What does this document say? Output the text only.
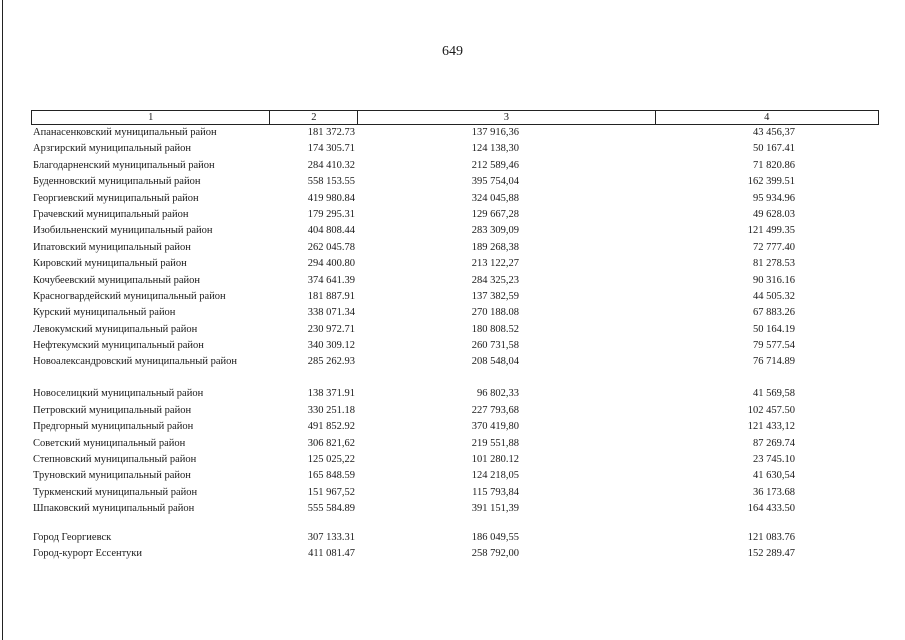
649
1	2	3	4
Апанасенковский муниципальный район	181 372.73	137 916,36	43 456,37
Арзгирский муниципальный район	174 305.71	124 138,30	50 167.41
Благодарненский муниципальный район	284 410.32	212 589,46	71 820.86
Буденновский муниципальный район	558 153.55	395 754,04	162 399.51
Георгиевский муниципальный район	419 980.84	324 045,88	95 934.96
Грачевский муниципальный район	179 295.31	129 667,28	49 628.03
Изобильненский муниципальный район	404 808.44	283 309,09	121 499.35
Ипатовский муниципальный район	262 045.78	189 268,38	72 777.40
Кировский муниципальный район	294 400.80	213 122,27	81 278.53
Кочубеевский муниципальный район	374 641.39	284 325,23	90 316.16
Красногвардейский муниципальный район	181 887.91	137 382,59	44 505.32
Курский муниципальный район	338 071.34	270 188.08	67 883.26
Левокумский муниципальный район	230 972.71	180 808.52	50 164.19
Нефтекумский муниципальный район	340 309.12	260 731,58	79 577.54
Новоалександровский муниципальный район	285 262.93	208 548,04	76 714.89
Новоселицкий муниципальный район	138 371.91	96 802,33	41 569,58
Петровский муниципальный район	330 251.18	227 793,68	102 457.50
Предгорный муниципальный район	491 852.92	370 419,80	121 433,12
Советский муниципальный район	306 821,62	219 551,88	87 269.74
Степновский муниципальный район	125 025,22	101 280.12	23 745.10
Труновский муниципальный район	165 848.59	124 218,05	41 630,54
Туркменский муниципальный район	151 967,52	115 793,84	36 173.68
Шпаковский муниципальный район	555 584.89	391 151,39	164 433.50
Город Георгиевск	307 133.31	186 049,55	121 083.76
Город-курорт Ессентуки	411 081.47	258 792,00	152 289.47
